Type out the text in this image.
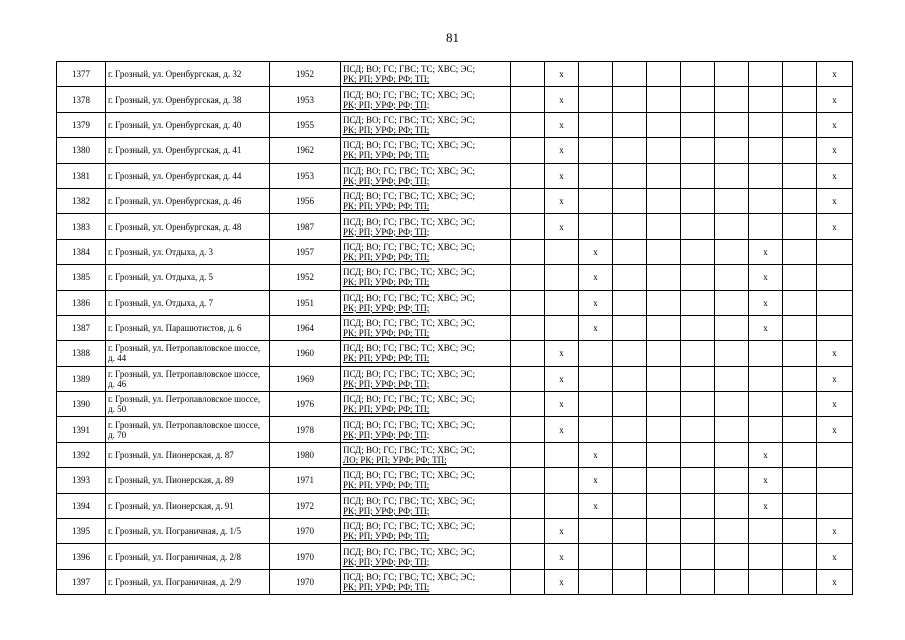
81
1377	г. Грозный, ул. Оренбургская, д. 32	1952	ПСД; ВО; ГС; ГВС; ТС; ХВС; ЭС;
РК; РП; УРФ; РФ; ТП;		x								x
1378	г. Грозный, ул. Оренбургская, д. 38	1953	ПСД; ВО; ГС; ГВС; ТС; ХВС; ЭС;
РК; РП; УРФ; РФ; ТП;		x								x
1379	г. Грозный, ул. Оренбургская, д. 40	1955	ПСД; ВО; ГС; ГВС; ТС; ХВС; ЭС;
РК; РП; УРФ; РФ; ТП;		x								x
1380	г. Грозный, ул. Оренбургская, д. 41	1962	ПСД; ВО; ГС; ГВС; ТС; ХВС; ЭС;
РК; РП; УРФ; РФ; ТП;		x								x
1381	г. Грозный, ул. Оренбургская, д. 44	1953	ПСД; ВО; ГС; ГВС; ТС; ХВС; ЭС;
РК; РП; УРФ; РФ; ТП;		x								x
1382	г. Грозный, ул. Оренбургская, д. 46	1956	ПСД; ВО; ГС; ГВС; ТС; ХВС; ЭС;
РК; РП; УРФ; РФ; ТП;		x								x
1383	г. Грозный, ул. Оренбургская, д. 48	1987	ПСД; ВО; ГС; ГВС; ТС; ХВС; ЭС;
РК; РП; УРФ; РФ; ТП;		x								x
1384	г. Грозный, ул. Отдыха, д. 3	1957	ПСД; ВО; ГС; ГВС; ТС; ХВС; ЭС;
РК; РП; УРФ; РФ; ТП;			x					x		
1385	г. Грозный, ул. Отдыха, д. 5	1952	ПСД; ВО; ГС; ГВС; ТС; ХВС; ЭС;
РК; РП; УРФ; РФ; ТП;			x					x		
1386	г. Грозный, ул. Отдыха, д. 7	1951	ПСД; ВО; ГС; ГВС; ТС; ХВС; ЭС;
РК; РП; УРФ; РФ; ТП;			x					x		
1387	г. Грозный, ул. Парашютистов, д. 6	1964	ПСД; ВО; ГС; ГВС; ТС; ХВС; ЭС;
РК; РП; УРФ; РФ; ТП;			x					x		
1388	г. Грозный, ул. Петропавловское шоссе, д. 44	1960	ПСД; ВО; ГС; ГВС; ТС; ХВС; ЭС;
РК; РП; УРФ; РФ; ТП;		x								x
1389	г. Грозный, ул. Петропавловское шоссе, д. 46	1969	ПСД; ВО; ГС; ГВС; ТС; ХВС; ЭС;
РК; РП; УРФ; РФ; ТП;		x								x
1390	г. Грозный, ул. Петропавловское шоссе, д. 50	1976	ПСД; ВО; ГС; ГВС; ТС; ХВС; ЭС;
РК; РП; УРФ; РФ; ТП;		x								x
1391	г. Грозный, ул. Петропавловское шоссе, д. 70	1978	ПСД; ВО; ГС; ГВС; ТС; ХВС; ЭС;
РК; РП; УРФ; РФ; ТП;		x								x
1392	г. Грозный, ул. Пионерская, д. 87	1980	ПСД; ВО; ГС; ГВС; ТС; ХВС; ЭС;
ЛО; РК; РП; УРФ; РФ; ТП;			x					x		
1393	г. Грозный, ул. Пионерская, д. 89	1971	ПСД; ВО; ГС; ГВС; ТС; ХВС; ЭС;
РК; РП; УРФ; РФ; ТП;			x					x		
1394	г. Грозный, ул. Пионерская, д. 91	1972	ПСД; ВО; ГС; ГВС; ТС; ХВС; ЭС;
РК; РП; УРФ; РФ; ТП;			x					x		
1395	г. Грозный, ул. Пограничная, д. 1/5	1970	ПСД; ВО; ГС; ГВС; ТС; ХВС; ЭС;
РК; РП; УРФ; РФ; ТП;		x								x
1396	г. Грозный, ул. Пограничная, д. 2/8	1970	ПСД; ВО; ГС; ГВС; ТС; ХВС; ЭС;
РК; РП; УРФ; РФ; ТП;		x								x
1397	г. Грозный, ул. Пограничная, д. 2/9	1970	ПСД; ВО; ГС; ГВС; ТС; ХВС; ЭС;
РК; РП; УРФ; РФ; ТП;		x								x
